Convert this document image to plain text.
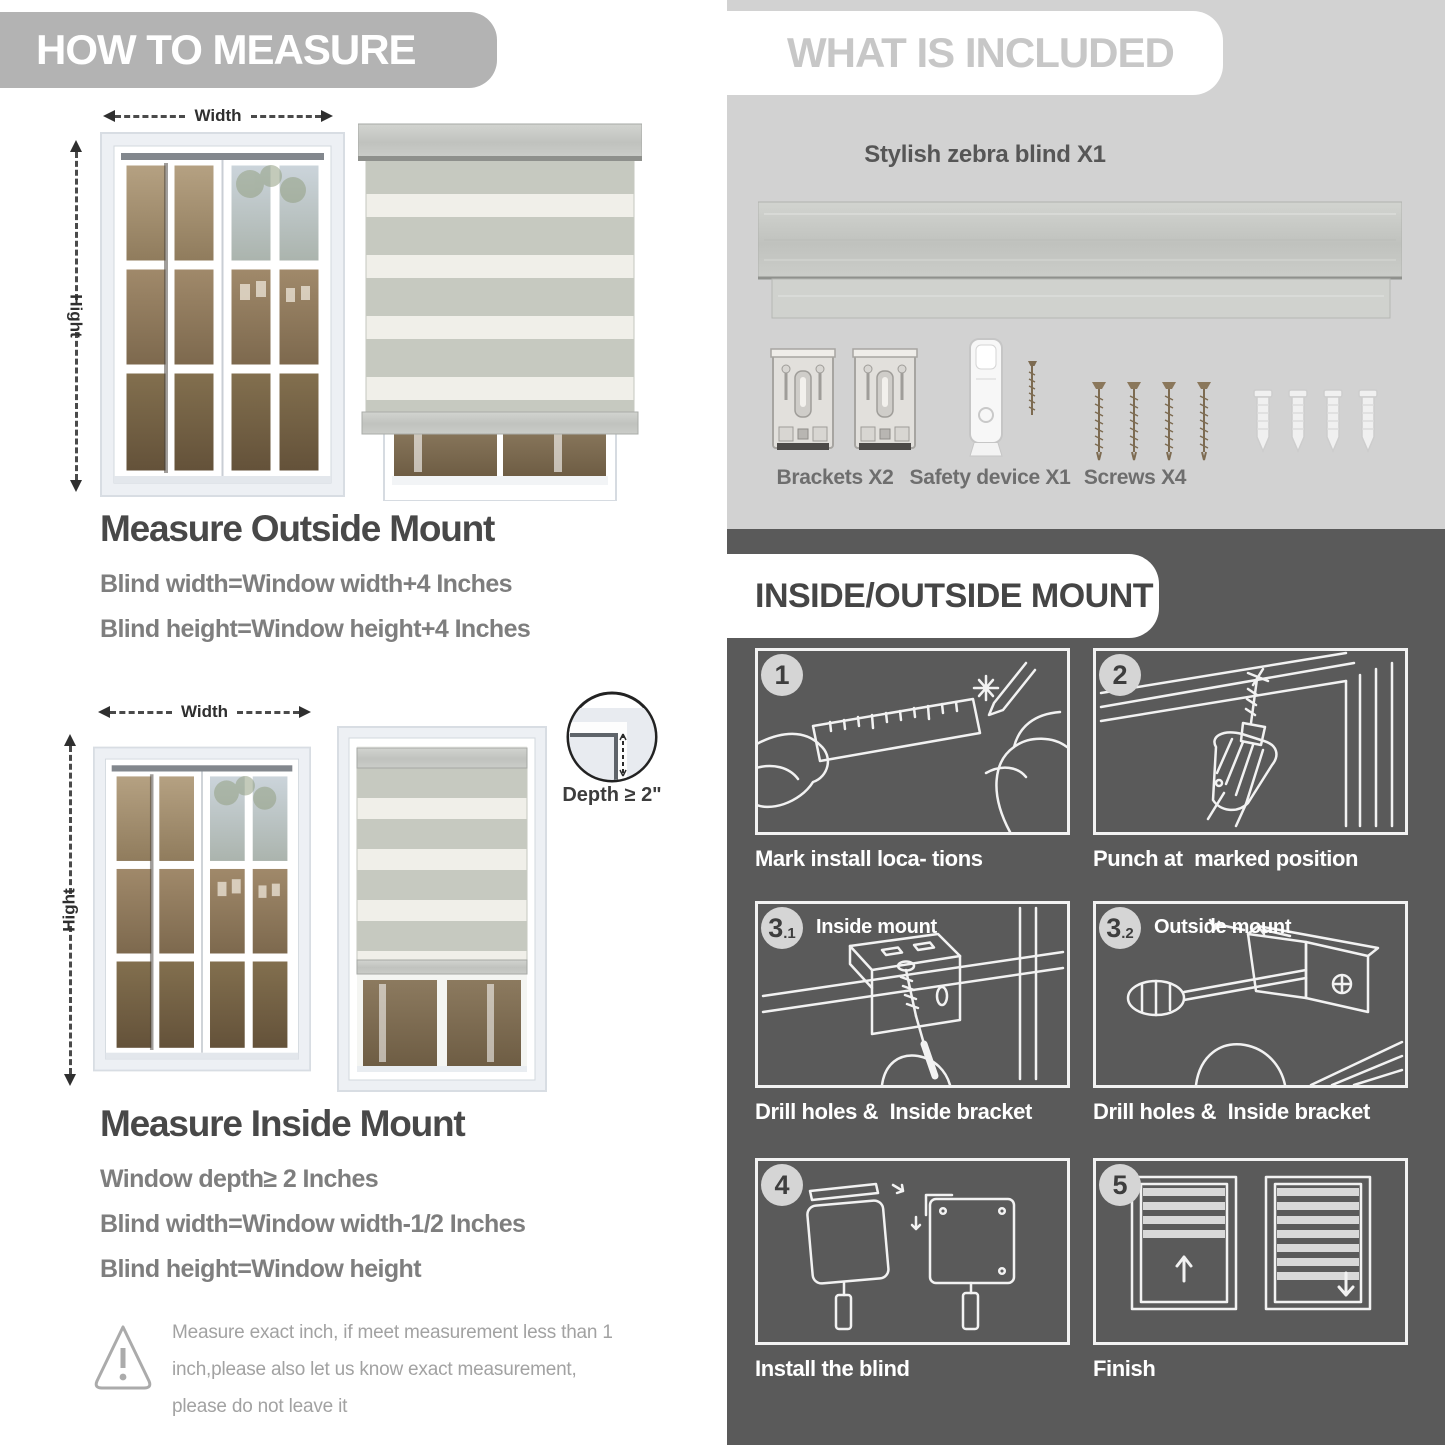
HOW TO MEASURE
Width
Hight
Measure Outside Mount

Blind width=Window width+4 Inches

Blind height=Window height+4 Inches

Width
Hight
Depth ≥ 2"
Measure Inside Mount

Window depth≥ 2 Inches

Blind width=Window width-1/2 Inches

Blind height=Window height

Measure exact inch, if meet measurement less than 1 inch,please also let us know exact measurement, please do not leave it

WHAT IS INCLUDED
Stylish zebra blind X1
Brackets X2 Safety device X1 Screws X4
INSIDE/OUTSIDE MOUNT
1
Mark install loca- tions
2
Punch at  marked position
3 .1 Inside mount
Drill holes &  Inside bracket
3 .2 Outside mount
Drill holes &  Inside bracket
4
Install the blind
5
Finish
